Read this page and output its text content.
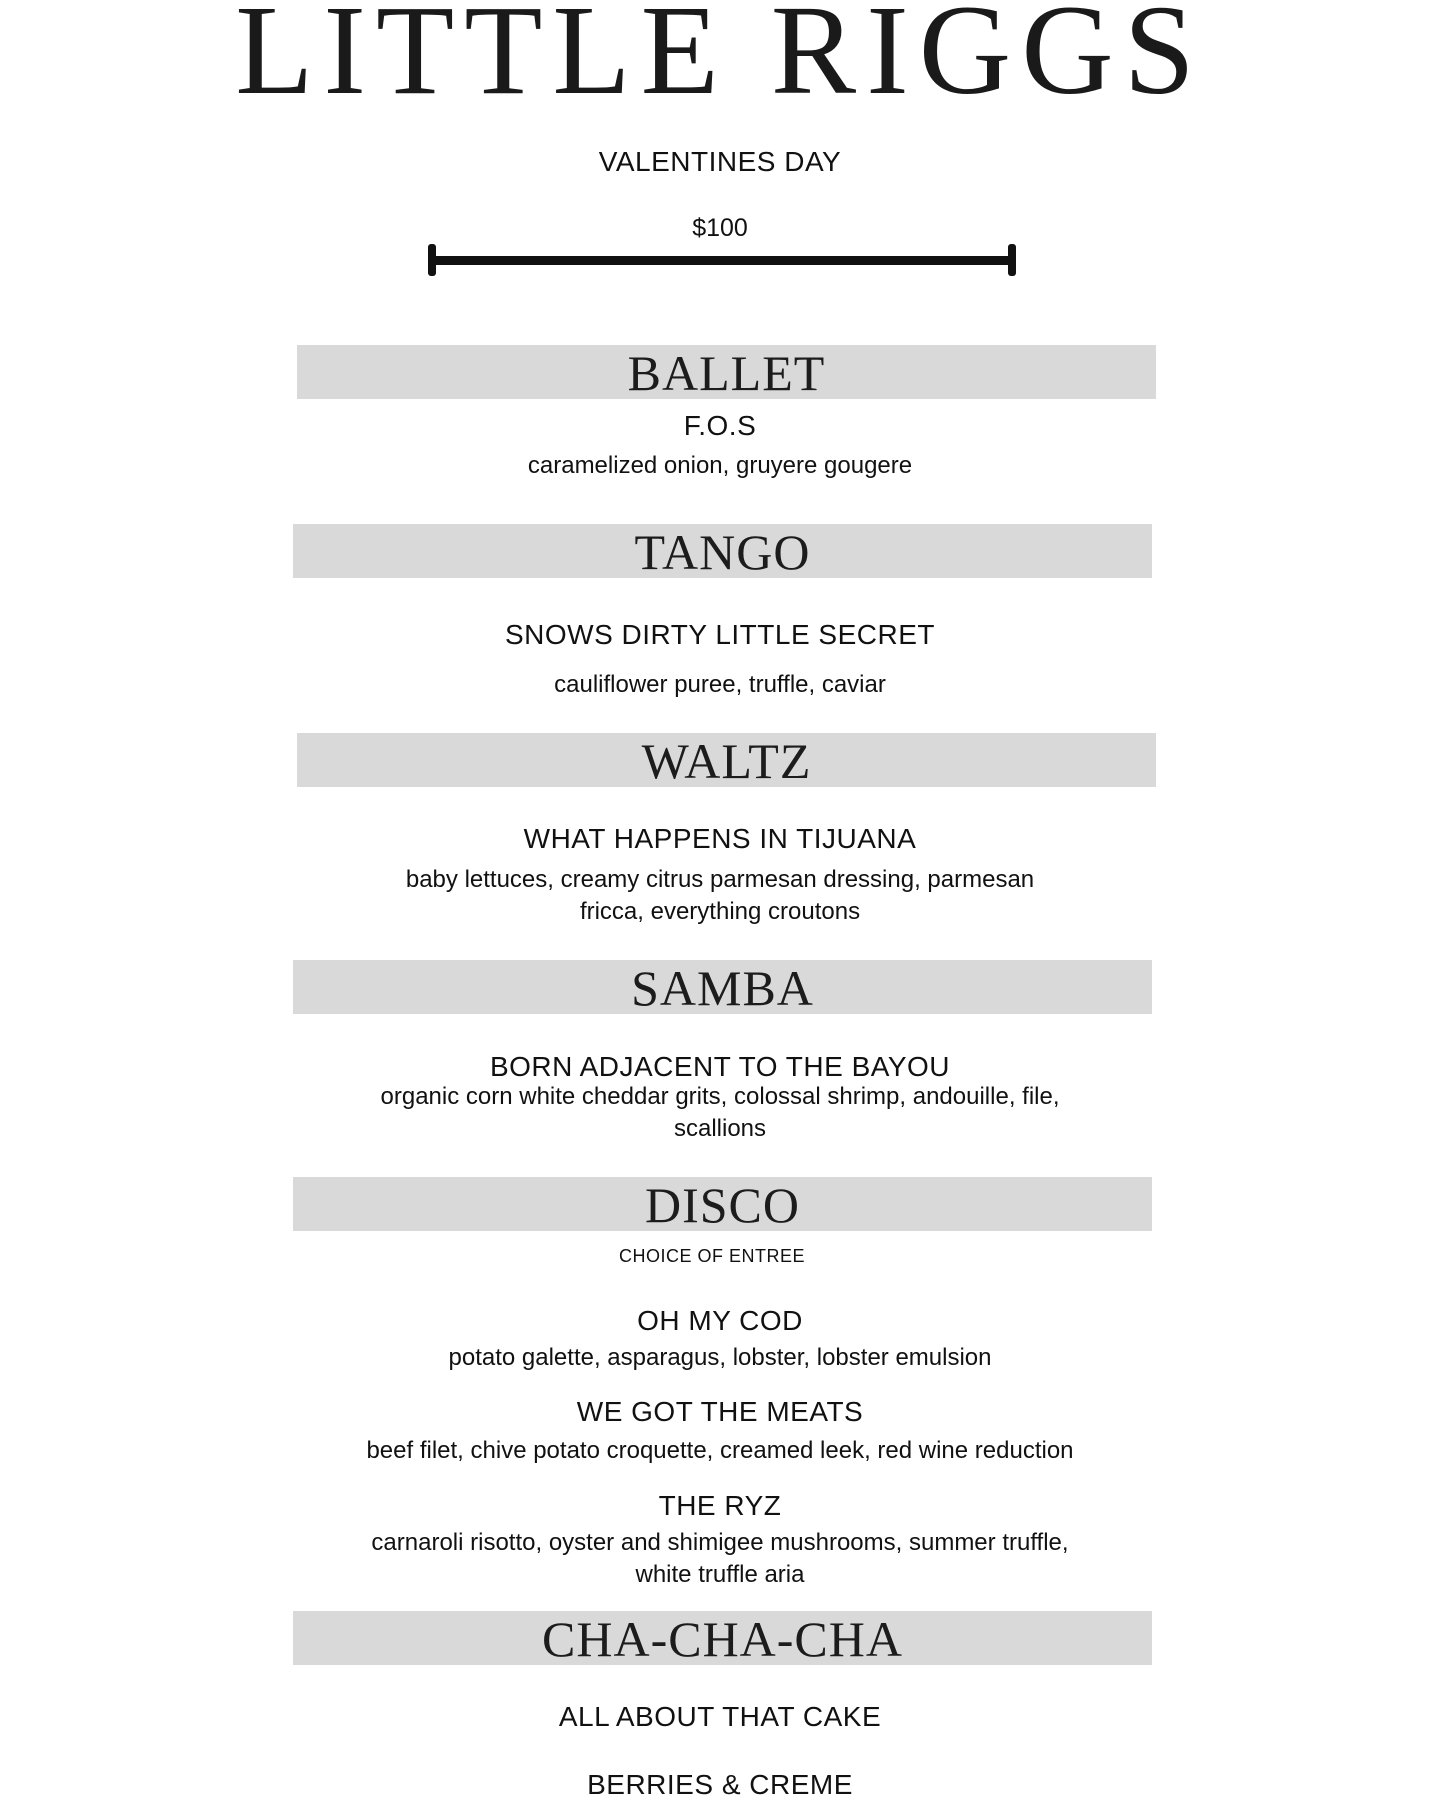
LITTLE RIGGS
VALENTINES DAY
$100
BALLET
F.O.S
caramelized onion, gruyere gougere
TANGO
SNOWS DIRTY LITTLE SECRET
cauliflower puree, truffle, caviar
WALTZ
WHAT HAPPENS IN TIJUANA
baby lettuces, creamy citrus parmesan dressing, parmesan
fricca, everything croutons
SAMBA
BORN ADJACENT TO THE BAYOU
organic corn white cheddar grits, colossal shrimp, andouille, file,
scallions
DISCO
CHOICE OF ENTREE
OH MY COD
potato galette, asparagus, lobster, lobster emulsion
WE GOT THE MEATS
beef filet, chive potato croquette, creamed leek, red wine reduction
THE RYZ
carnaroli risotto, oyster and shimigee mushrooms, summer truffle,
white truffle aria
CHA-CHA-CHA
ALL ABOUT THAT CAKE
BERRIES & CREME
